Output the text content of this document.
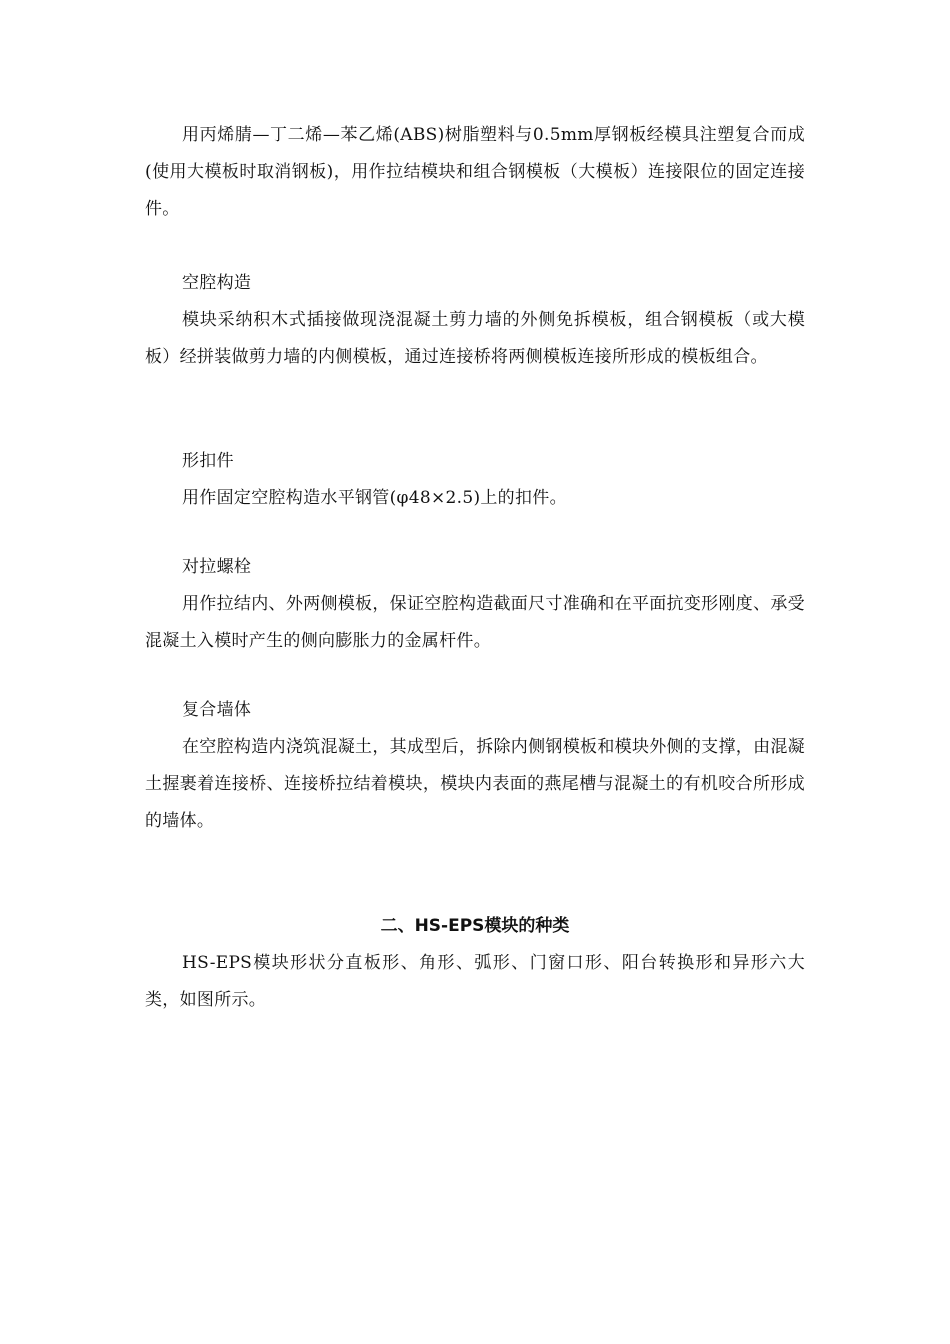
用丙烯腈—丁二烯—苯乙烯(ABS)树脂塑料与0.5mm厚钢板经模具注塑复合而成(使用大模板时取消钢板)，用作拉结模块和组合钢模板（大模板）连接限位的固定连接件。

空腔构造

模块采纳积木式插接做现浇混凝土剪力墙的外侧免拆模板，组合钢模板（或大模板）经拼装做剪力墙的内侧模板，通过连接桥将两侧模板连接所形成的模板组合。

形扣件

用作固定空腔构造水平钢管(φ48×2.5)上的扣件。

对拉螺栓

用作拉结内、外两侧模板，保证空腔构造截面尺寸准确和在平面抗变形刚度、承受混凝土入模时产生的侧向膨胀力的金属杆件。

复合墙体

在空腔构造内浇筑混凝土，其成型后，拆除内侧钢模板和模块外侧的支撑，由混凝土握裹着连接桥、连接桥拉结着模块，模块内表面的燕尾槽与混凝土的有机咬合所形成的墙体。

二、HS-EPS模块的种类

HS-EPS模块形状分直板形、角形、弧形、门窗口形、阳台转换形和异形六大类，如图所示。
